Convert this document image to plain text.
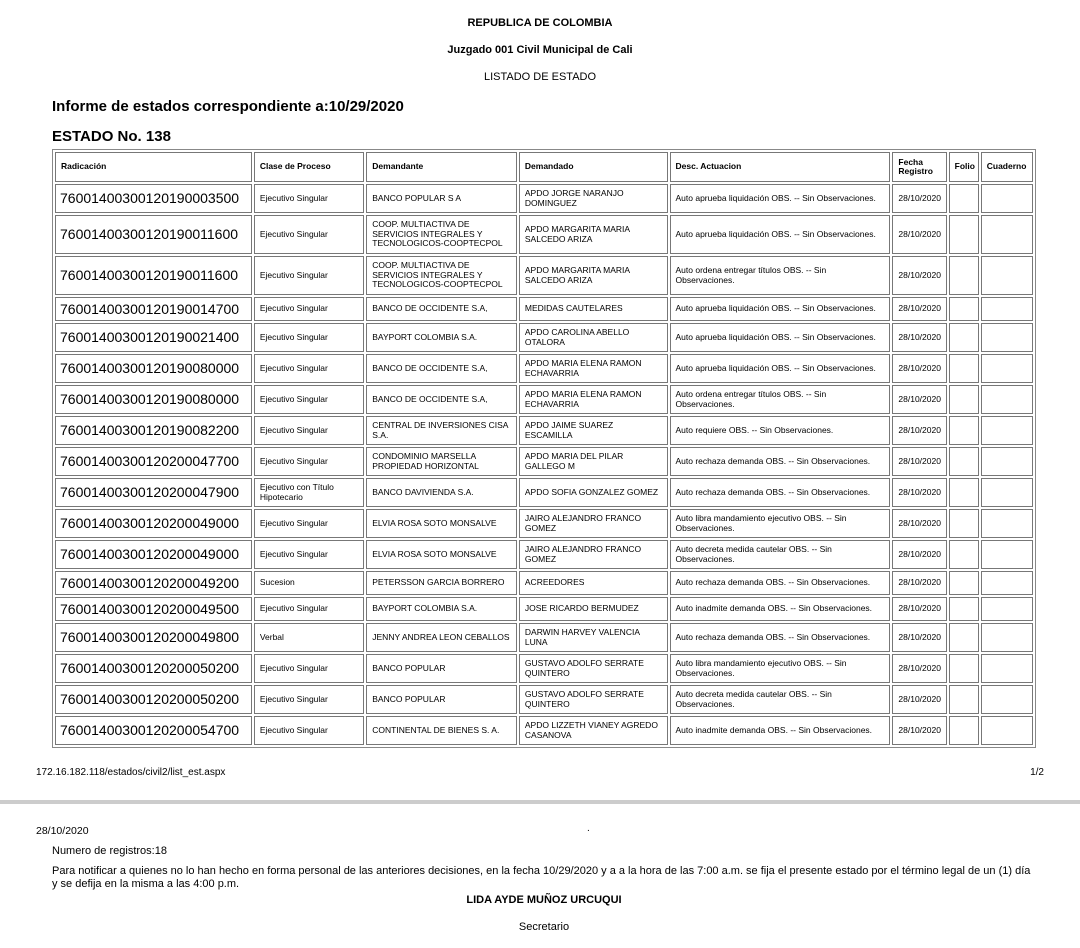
REPUBLICA DE COLOMBIA
Juzgado 001 Civil Municipal de Cali
LISTADO DE ESTADO
Informe de estados correspondiente a:10/29/2020
ESTADO No. 138
Radicación	Clase de Proceso	Demandante	Demandado	Desc. Actuacion	Fecha Registro	Folio	Cuaderno
76001400300120190003500	Ejecutivo Singular	BANCO POPULAR S A	APDO JORGE NARANJO DOMINGUEZ	Auto aprueba liquidación OBS. -- Sin Observaciones.	28/10/2020		
76001400300120190011600	Ejecutivo Singular	COOP. MULTIACTIVA DE SERVICIOS INTEGRALES Y TECNOLOGICOS-COOPTECPOL	APDO MARGARITA MARIA SALCEDO ARIZA	Auto aprueba liquidación OBS. -- Sin Observaciones.	28/10/2020		
76001400300120190011600	Ejecutivo Singular	COOP. MULTIACTIVA DE SERVICIOS INTEGRALES Y TECNOLOGICOS-COOPTECPOL	APDO MARGARITA MARIA SALCEDO ARIZA	Auto ordena entregar títulos OBS. -- Sin Observaciones.	28/10/2020		
76001400300120190014700	Ejecutivo Singular	BANCO DE OCCIDENTE S.A,	MEDIDAS CAUTELARES	Auto aprueba liquidación OBS. -- Sin Observaciones.	28/10/2020		
76001400300120190021400	Ejecutivo Singular	BAYPORT COLOMBIA S.A.	APDO CAROLINA ABELLO OTALORA	Auto aprueba liquidación OBS. -- Sin Observaciones.	28/10/2020		
76001400300120190080000	Ejecutivo Singular	BANCO DE OCCIDENTE S.A,	APDO MARIA ELENA RAMON ECHAVARRIA	Auto aprueba liquidación OBS. -- Sin Observaciones.	28/10/2020		
76001400300120190080000	Ejecutivo Singular	BANCO DE OCCIDENTE S.A,	APDO MARIA ELENA RAMON ECHAVARRIA	Auto ordena entregar títulos OBS. -- Sin Observaciones.	28/10/2020		
76001400300120190082200	Ejecutivo Singular	CENTRAL DE INVERSIONES CISA S.A.	APDO JAIME SUAREZ ESCAMILLA	Auto requiere OBS. -- Sin Observaciones.	28/10/2020		
76001400300120200047700	Ejecutivo Singular	CONDOMINIO MARSELLA PROPIEDAD HORIZONTAL	APDO MARIA DEL PILAR GALLEGO M	Auto rechaza demanda OBS. -- Sin Observaciones.	28/10/2020		
76001400300120200047900	Ejecutivo con Título Hipotecario	BANCO DAVIVIENDA S.A.	APDO SOFIA GONZALEZ GOMEZ	Auto rechaza demanda OBS. -- Sin Observaciones.	28/10/2020		
76001400300120200049000	Ejecutivo Singular	ELVIA ROSA SOTO MONSALVE	JAIRO ALEJANDRO FRANCO GOMEZ	Auto libra mandamiento ejecutivo OBS. -- Sin Observaciones.	28/10/2020		
76001400300120200049000	Ejecutivo Singular	ELVIA ROSA SOTO MONSALVE	JAIRO ALEJANDRO FRANCO GOMEZ	Auto decreta medida cautelar OBS. -- Sin Observaciones.	28/10/2020		
76001400300120200049200	Sucesion	PETERSSON GARCIA BORRERO	ACREEDORES	Auto rechaza demanda OBS. -- Sin Observaciones.	28/10/2020		
76001400300120200049500	Ejecutivo Singular	BAYPORT COLOMBIA S.A.	JOSE RICARDO BERMUDEZ	Auto inadmite demanda OBS. -- Sin Observaciones.	28/10/2020		
76001400300120200049800	Verbal	JENNY ANDREA LEON CEBALLOS	DARWIN HARVEY VALENCIA LUNA	Auto rechaza demanda OBS. -- Sin Observaciones.	28/10/2020		
76001400300120200050200	Ejecutivo Singular	BANCO POPULAR	GUSTAVO ADOLFO SERRATE QUINTERO	Auto libra mandamiento ejecutivo OBS. -- Sin Observaciones.	28/10/2020		
76001400300120200050200	Ejecutivo Singular	BANCO POPULAR	GUSTAVO ADOLFO SERRATE QUINTERO	Auto decreta medida cautelar OBS. -- Sin Observaciones.	28/10/2020		
76001400300120200054700	Ejecutivo Singular	CONTINENTAL DE BIENES S. A.	APDO LIZZETH VIANEY AGREDO CASANOVA	Auto inadmite demanda OBS. -- Sin Observaciones.	28/10/2020		
172.16.182.118/estados/civil2/list_est.aspx	1/2
28/10/2020	.
Numero de registros:18
Para notificar a quienes no lo han hecho en forma personal de las anteriores decisiones, en la fecha 10/29/2020 y a a la hora de las 7:00 a.m. se fija el presente estado por el término legal de un (1) día y se defija en la misma a las 4:00 p.m.
LIDA AYDE MUÑOZ URCUQUI
Secretario
